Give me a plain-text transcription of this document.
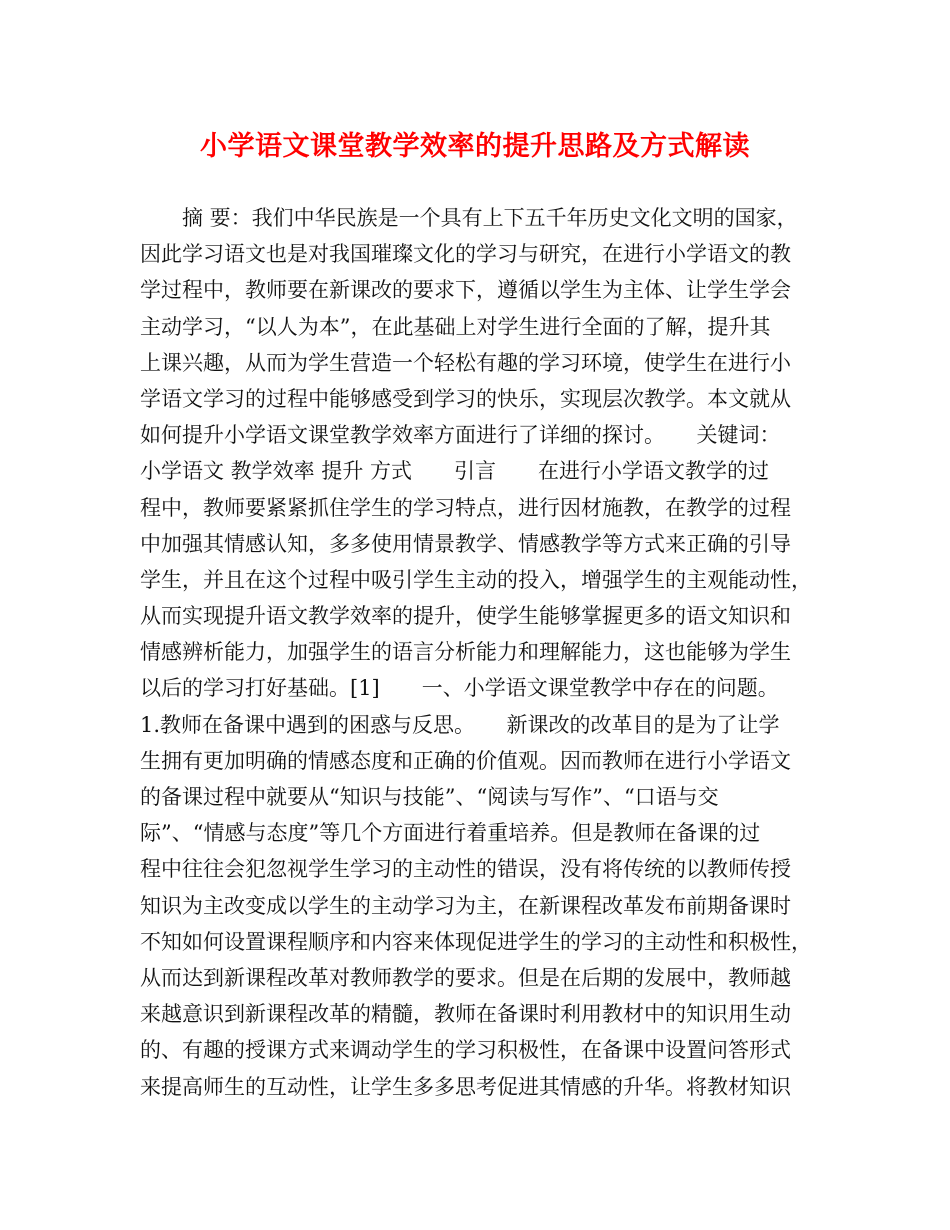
小学语文课堂教学效率的提升思路及方式解读
　　摘 要：我们中华民族是一个具有上下五千年历史文化文明的国家，
因此学习语文也是对我国璀璨文化的学习与研究，在进行小学语文的教
学过程中，教师要在新课改的要求下，遵循以学生为主体、让学生学会
主动学习，“以人为本”，在此基础上对学生进行全面的了解，提升其
上课兴趣，从而为学生营造一个轻松有趣的学习环境，使学生在进行小
学语文学习的过程中能够感受到学习的快乐，实现层次教学。本文就从
如何提升小学语文课堂教学效率方面进行了详细的探讨。　　关键词：
小学语文 教学效率 提升 方式　　引言　　在进行小学语文教学的过
程中，教师要紧紧抓住学生的学习特点，进行因材施教，在教学的过程
中加强其情感认知，多多使用情景教学、情感教学等方式来正确的引导
学生，并且在这个过程中吸引学生主动的投入，增强学生的主观能动性，
从而实现提升语文教学效率的提升，使学生能够掌握更多的语文知识和
情感辨析能力，加强学生的语言分析能力和理解能力，这也能够为学生
以后的学习打好基础。[1]　　一、小学语文课堂教学中存在的问题。
1.教师在备课中遇到的困惑与反思。　　新课改的改革目的是为了让学
生拥有更加明确的情感态度和正确的价值观。因而教师在进行小学语文
的备课过程中就要从“知识与技能”、“阅读与写作”、“口语与交
际”、“情感与态度”等几个方面进行着重培养。但是教师在备课的过
程中往往会犯忽视学生学习的主动性的错误，没有将传统的以教师传授
知识为主改变成以学生的主动学习为主，在新课程改革发布前期备课时
不知如何设置课程顺序和内容来体现促进学生的学习的主动性和积极性，
从而达到新课程改革对教师教学的要求。但是在后期的发展中，教师越
来越意识到新课程改革的精髓，教师在备课时利用教材中的知识用生动
的、有趣的授课方式来调动学生的学习积极性，在备课中设置问答形式
来提高师生的互动性，让学生多多思考促进其情感的升华。将教材知识
